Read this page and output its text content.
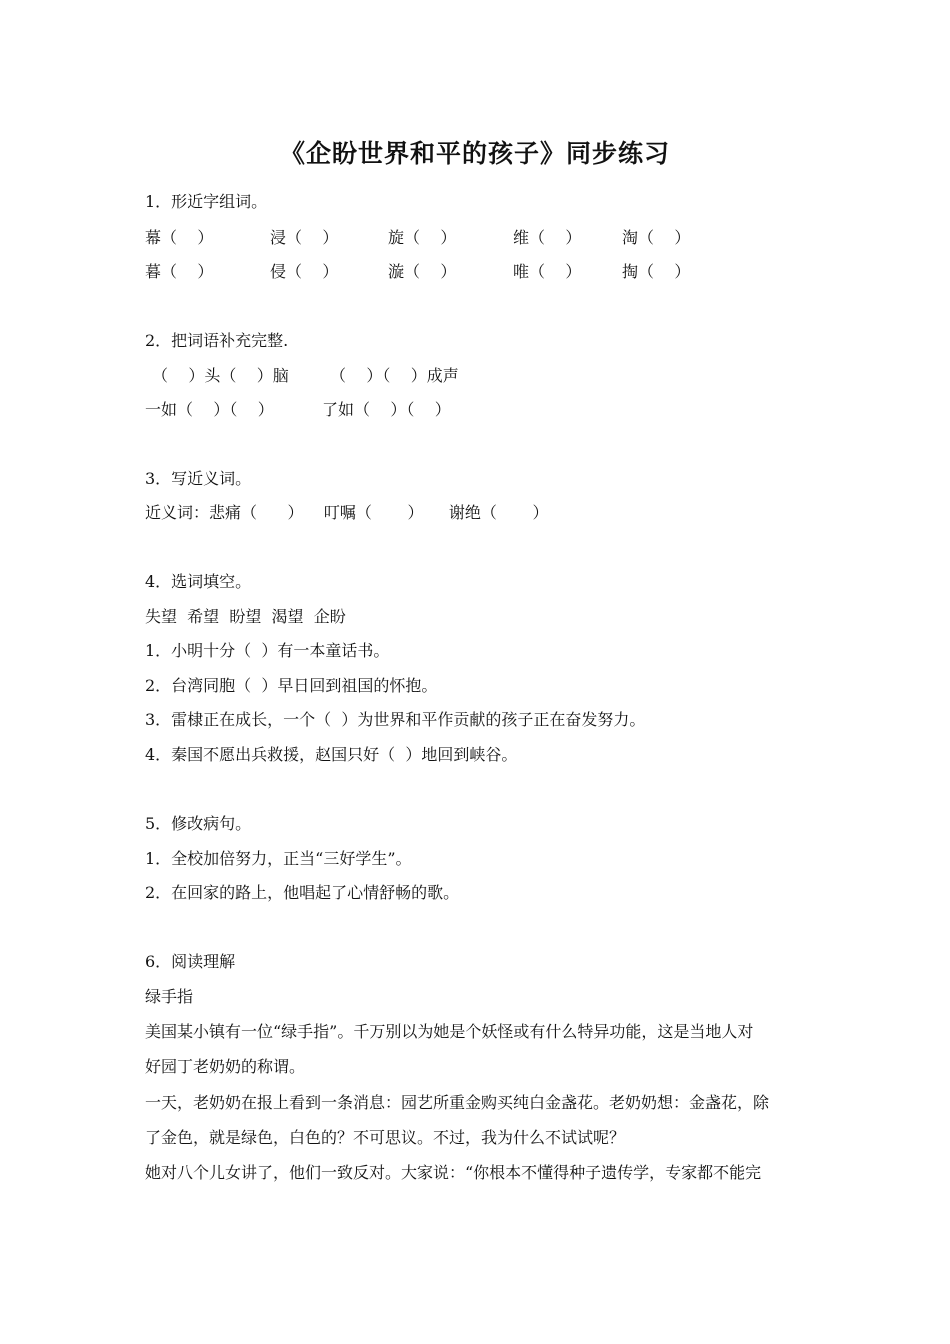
《企盼世界和平的孩子》同步练习
1．形近字组词。
幕（    ）	浸（    ）	旋（    ）	维（    ）	淘（    ）
暮（    ）	侵（    ）	漩（    ）	唯（    ）	掏（    ）
2．把词语补充完整.
（    ）头（    ）脑	（    ）（    ）成声
一如（    ）（    ）	了如（    ）（    ）
3．写近义词。
近义词：悲痛（      ）    叮嘱（       ）     谢绝（       ）
4．选词填空。
失望  希望  盼望  渴望  企盼
1．小明十分（  ）有一本童话书。
2．台湾同胞（  ）早日回到祖国的怀抱。
3．雷棣正在成长，一个（  ）为世界和平作贡献的孩子正在奋发努力。
4．秦国不愿出兵救援，赵国只好（  ）地回到峡谷。
5．修改病句。
1．全校加倍努力，正当“三好学生”。
2．在回家的路上，他唱起了心情舒畅的歌。
6．阅读理解
绿手指
美国某小镇有一位“绿手指”。千万别以为她是个妖怪或有什么特异功能，这是当地人对
好园丁老奶奶的称谓。
一天，老奶奶在报上看到一条消息：园艺所重金购买纯白金盏花。老奶奶想：金盏花，除
了金色，就是绿色，白色的？不可思议。不过，我为什么不试试呢？
她对八个儿女讲了，他们一致反对。大家说：“你根本不懂得种子遗传学，专家都不能完
